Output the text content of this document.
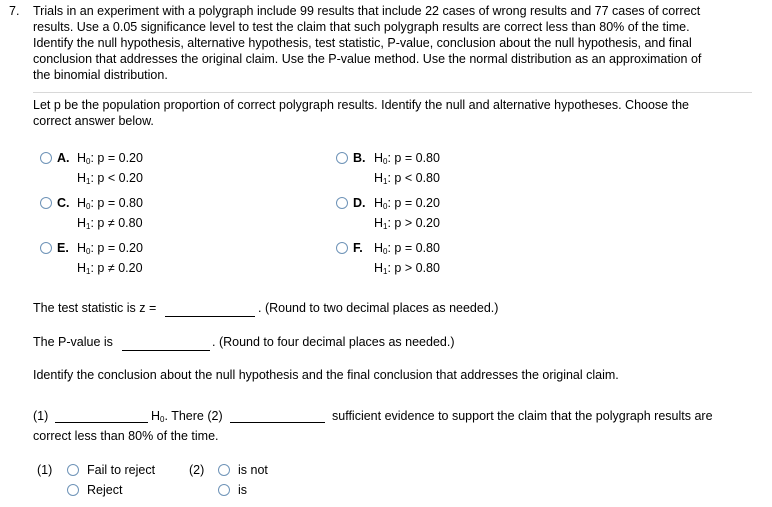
7. Trials in an experiment with a polygraph include 99 results that include 22 cases of wrong results and 77 cases of correct
results. Use a 0.05 significance level to test the claim that such polygraph results are correct less than 80% of the time.
Identify the null hypothesis, alternative hypothesis, test statistic, P-value, conclusion about the null hypothesis, and final
conclusion that addresses the original claim. Use the P-value method. Use the normal distribution as an approximation of
the binomial distribution.
Let p be the population proportion of correct polygraph results. Identify the null and alternative hypotheses. Choose the
correct answer below.
A. $H_0$: p = 0.20
$H_1$: p < 0.20
B. $H_0$: p = 0.80
$H_1$: p < 0.80
C. $H_0$: p = 0.80
$H_1$: p ≠ 0.80
D. $H_0$: p = 0.20
$H_1$: p > 0.20
E. $H_0$: p = 0.20
$H_1$: p ≠ 0.20
F. $H_0$: p = 0.80
$H_1$: p > 0.80
The test statistic is z =	. (Round to two decimal places as needed.)
The P-value is	. (Round to four decimal places as needed.)
Identify the conclusion about the null hypothesis and the final conclusion that addresses the original claim.
(1)	$H_0$. There (2)	sufficient evidence to support the claim that the polygraph results are
correct less than 80% of the time.
(1)	Fail to reject
Reject
(2)	is not
is
